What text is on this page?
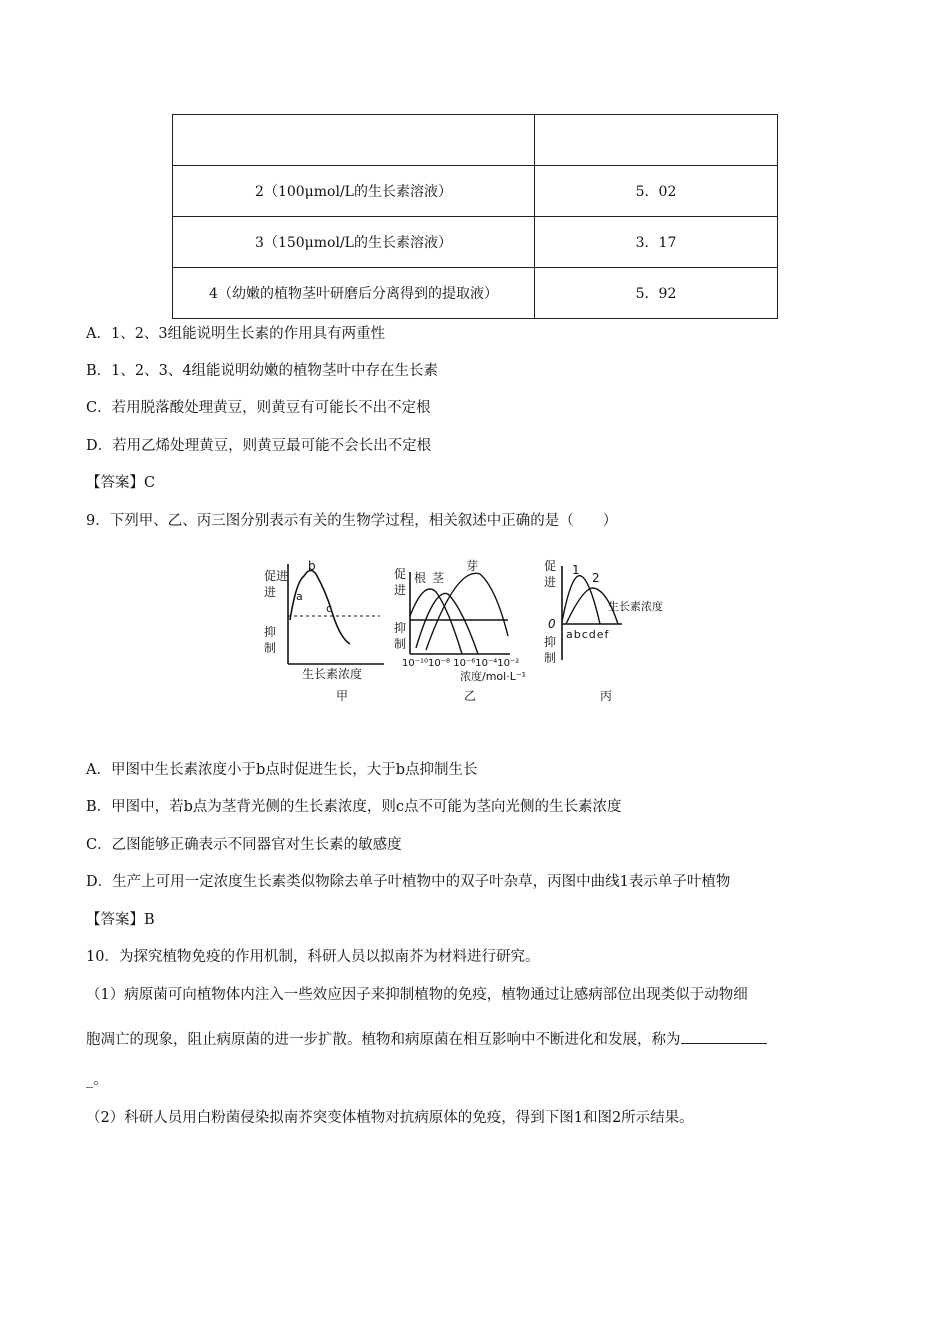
2（100μmol/L的生长素溶液）	5．02
3（150μmol/L的生长素溶液）	3．17
4（幼嫩的植物茎叶研磨后分离得到的提取液）	5．92
A．1、2、3组能说明生长素的作用具有两重性
B．1、2、3、4组能说明幼嫩的植物茎叶中存在生长素
C．若用脱落酸处理黄豆，则黄豆有可能长不出不定根
D．若用乙烯处理黄豆，则黄豆最可能不会长出不定根
【答案】C
9．下列甲、乙、丙三图分别表示有关的生物学过程，相关叙述中正确的是（　　）
促进
进
抑
制
a
b
c
生长素浓度
甲
促
进
抑
制
根 茎
芽
10⁻¹⁰10⁻⁸ 10⁻⁶10⁻⁴10⁻²
浓度/mol·L⁻¹
乙
促
进
0
抑
制
1
2
生长素浓度
abcdef
丙
A．甲图中生长素浓度小于b点时促进生长，大于b点抑制生长
B．甲图中，若b点为茎背光侧的生长素浓度，则c点不可能为茎向光侧的生长素浓度
C．乙图能够正确表示不同器官对生长素的敏感度
D．生产上可用一定浓度生长素类似物除去单子叶植物中的双子叶杂草，丙图中曲线1表示单子叶植物
【答案】B
10．为探究植物免疫的作用机制，科研人员以拟南芥为材料进行研究。
（1）病原菌可向植物体内注入一些效应因子来抑制植物的免疫，植物通过让感病部位出现类似于动物细
胞凋亡的现象，阻止病原菌的进一步扩散。植物和病原菌在相互影响中不断进化和发展，称为
_。
（2）科研人员用白粉菌侵染拟南芥突变体植物对抗病原体的免疫，得到下图1和图2所示结果。
